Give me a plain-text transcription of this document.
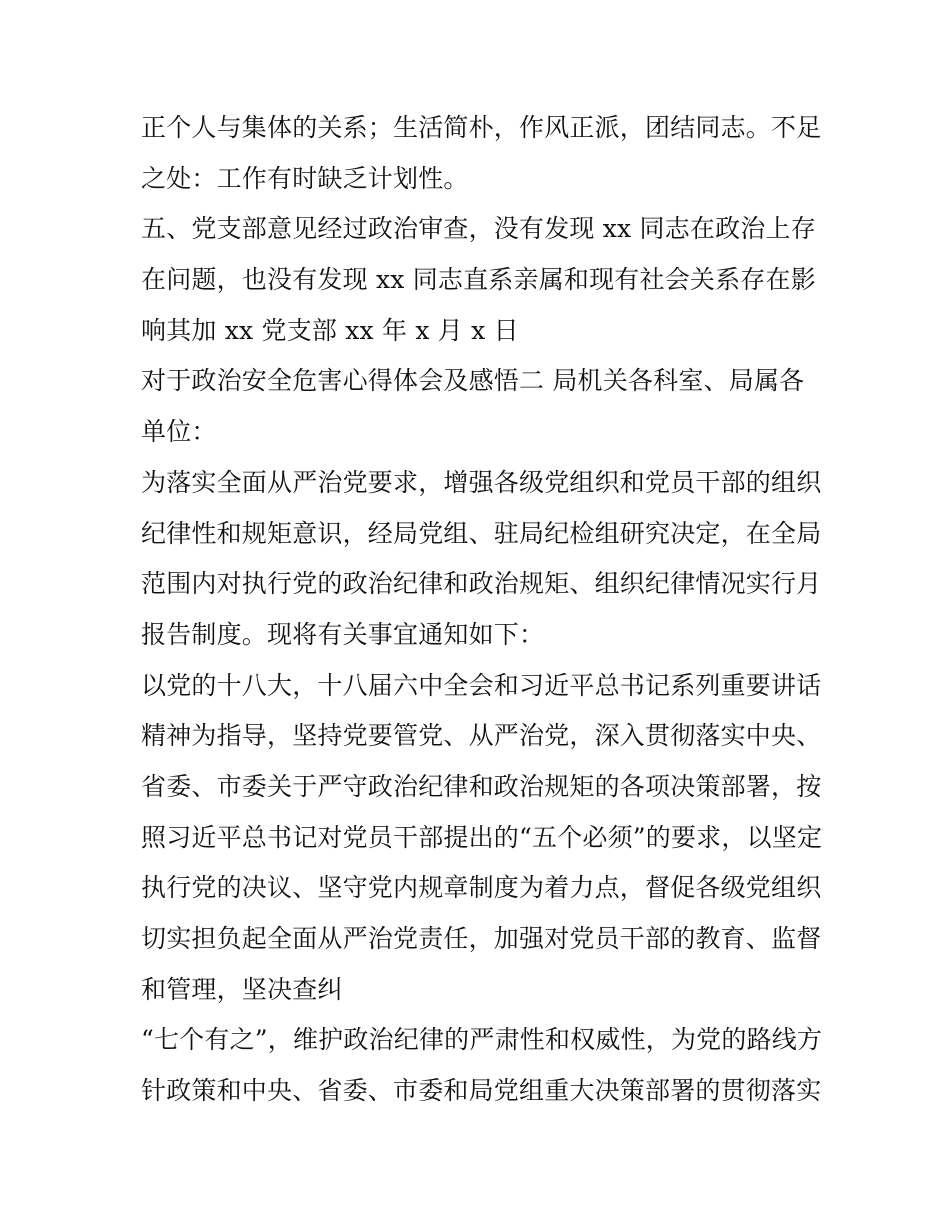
正个人与集体的关系；生活简朴，作风正派，团结同志。不足
之处：工作有时缺乏计划性。
五、党支部意见经过政治审查，没有发现 xx 同志在政治上存
在问题，也没有发现 xx 同志直系亲属和现有社会关系存在影
响其加 xx 党支部 xx 年 x 月 x 日
对于政治安全危害心得体会及感悟二 局机关各科室、局属各
单位：
为落实全面从严治党要求，增强各级党组织和党员干部的组织
纪律性和规矩意识，经局党组、驻局纪检组研究决定，在全局
范围内对执行党的政治纪律和政治规矩、组织纪律情况实行月
报告制度。现将有关事宜通知如下：
以党的十八大，十八届六中全会和习近平总书记系列重要讲话
精神为指导，坚持党要管党、从严治党，深入贯彻落实中央、
省委、市委关于严守政治纪律和政治规矩的各项决策部署，按
照习近平总书记对党员干部提出的“五个必须”的要求，以坚定
执行党的决议、坚守党内规章制度为着力点，督促各级党组织
切实担负起全面从严治党责任，加强对党员干部的教育、监督
和管理，坚决查纠
“七个有之”，维护政治纪律的严肃性和权威性，为党的路线方
针政策和中央、省委、市委和局党组重大决策部署的贯彻落实
